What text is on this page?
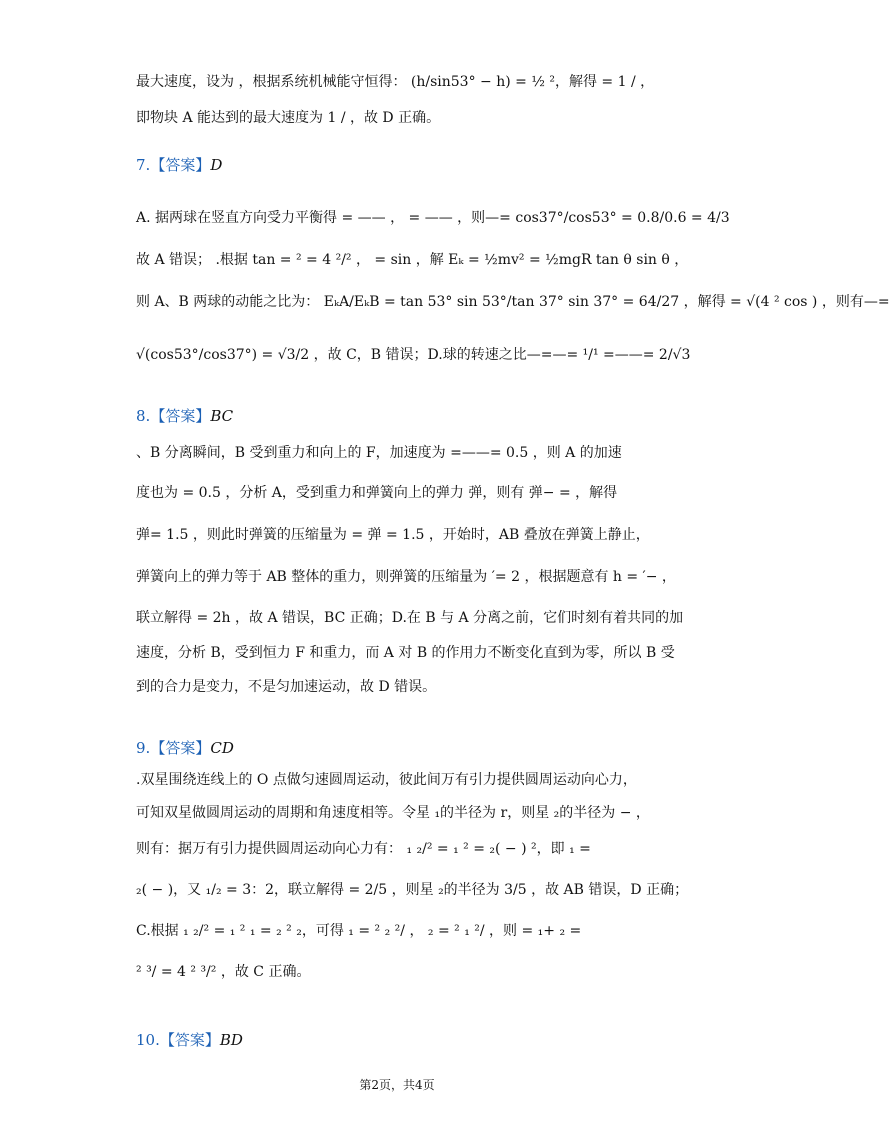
最大速度，设为 ，根据系统机械能守恒得： (h/sin53° − h) = ½ ²，解得 = 1 / ，
即物块 A 能达到的最大速度为 1 / ，故 D 正确。
7.【答案】D
A. 据两球在竖直方向受力平衡得 = —— ， = —— ，则—= cos37°/cos53° = 0.8/0.6 = 4/3
故 A 错误； .根据 tan = ² = 4 ²/² ， = sin ，解 Eₖ = ½mv² = ½mgR tan θ sin θ ，
则 A、B 两球的动能之比为： EₖA/EₖB = tan 53° sin 53°/tan 37° sin 37° = 64/27 ，解得 = √(4 ² cos ) ，则有—=
√(cos53°/cos37°) = √3/2 ，故 C，B 错误；D.球的转速之比—=—= ¹/¹ =——= 2/√3
8.【答案】BC
、B 分离瞬间，B 受到重力和向上的 F，加速度为 =——= 0.5 ，则 A 的加速
度也为 = 0.5 ，分析 A，受到重力和弹簧向上的弹力 弹，则有 弹− = ，解得
弹= 1.5 ，则此时弹簧的压缩量为 = 弹 = 1.5 ，开始时，AB 叠放在弹簧上静止，
弹簧向上的弹力等于 AB 整体的重力，则弹簧的压缩量为 ′= 2 ，根据题意有 h = ′− ，
联立解得 = 2h ，故 A 错误，BC 正确；D.在 B 与 A 分离之前，它们时刻有着共同的加
速度，分析 B，受到恒力 F 和重力，而 A 对 B 的作用力不断变化直到为零，所以 B 受
到的合力是变力，不是匀加速运动，故 D 错误。
9.【答案】CD
.双星围绕连线上的 O 点做匀速圆周运动，彼此间万有引力提供圆周运动向心力，
可知双星做圆周运动的周期和角速度相等。令星 ₁的半径为 r，则星 ₂的半径为 − ，
则有：据万有引力提供圆周运动向心力有： ₁ ₂/² = ₁ ² = ₂( − ) ²，即 ₁ =
₂( − )，又 ₁/₂ = 3：2，联立解得 = 2/5 ，则星 ₂的半径为 3/5 ，故 AB 错误，D 正确；
C.根据 ₁ ₂/² = ₁ ² ₁ = ₂ ² ₂，可得 ₁ = ² ₂ ²/ ， ₂ = ² ₁ ²/ ，则 = ₁+ ₂ =
² ³/ = 4 ² ³/² ，故 C 正确。
10.【答案】BD
第2页，共4页
